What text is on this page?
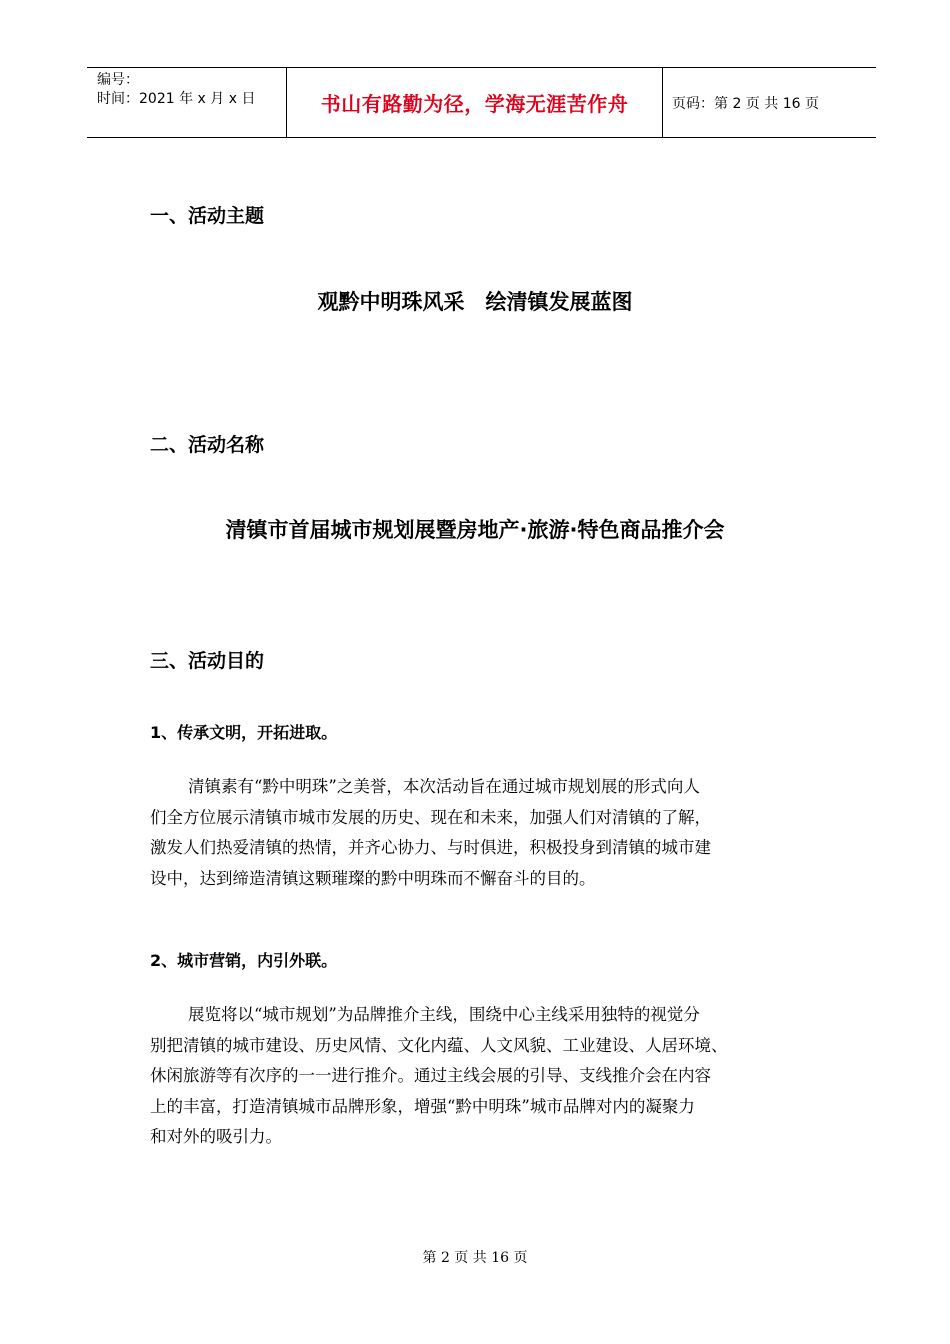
编号：
时间：2021 年 x 月 x 日	书山有路勤为径，学海无涯苦作舟	页码：第 2 页 共 16 页
一、活动主题
观黔中明珠风采　绘清镇发展蓝图
二、活动名称
清镇市首届城市规划展暨房地产·旅游·特色商品推介会
三、活动目的
1、传承文明，开拓进取。
清镇素有“黔中明珠”之美誉，本次活动旨在通过城市规划展的形式向人
们全方位展示清镇市城市发展的历史、现在和未来，加强人们对清镇的了解，
激发人们热爱清镇的热情，并齐心协力、与时俱进，积极投身到清镇的城市建
设中，达到缔造清镇这颗璀璨的黔中明珠而不懈奋斗的目的。
2、城市营销，内引外联。
展览将以“城市规划”为品牌推介主线，围绕中心主线采用独特的视觉分
别把清镇的城市建设、历史风情、文化内蕴、人文风貌、工业建设、人居环境、
休闲旅游等有次序的一一进行推介。通过主线会展的引导、支线推介会在内容
上的丰富，打造清镇城市品牌形象，增强“黔中明珠”城市品牌对内的凝聚力
和对外的吸引力。
第 2 页 共 16 页
